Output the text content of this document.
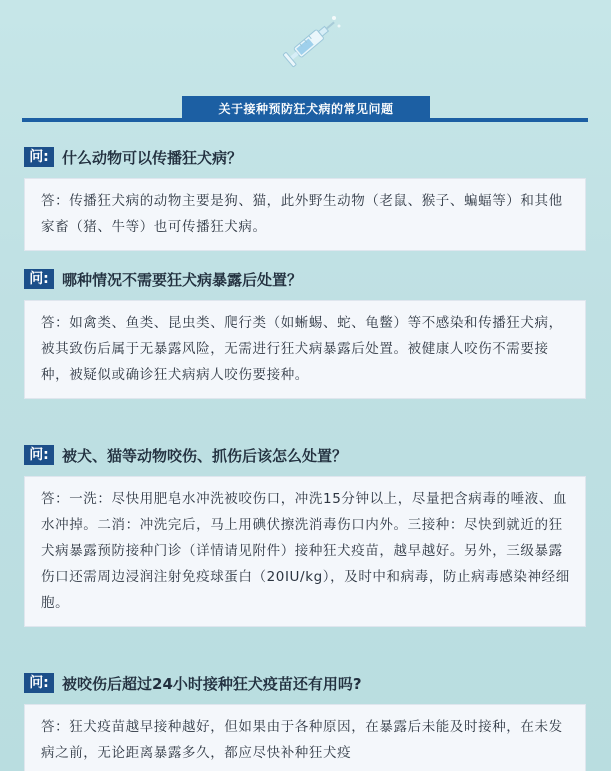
关于接种预防狂犬病的常见问题
问: 什么动物可以传播狂犬病？
答：传播狂犬病的动物主要是狗、猫，此外野生动物（老鼠、猴子、蝙蝠等）和其他家畜（猪、牛等）也可传播狂犬病。
问: 哪种情况不需要狂犬病暴露后处置？
答：如禽类、鱼类、昆虫类、爬行类（如蜥蜴、蛇、龟鳖）等不感染和传播狂犬病，被其致伤后属于无暴露风险，无需进行狂犬病暴露后处置。被健康人咬伤不需要接种，被疑似或确诊狂犬病病人咬伤要接种。
问: 被犬、猫等动物咬伤、抓伤后该怎么处置？
答：一洗：尽快用肥皂水冲洗被咬伤口，冲洗15分钟以上，尽量把含病毒的唾液、血水冲掉。二消：冲洗完后，马上用碘伏擦洗消毒伤口内外。三接种：尽快到就近的狂犬病暴露预防接种门诊（详情请见附件）接种狂犬疫苗，越早越好。另外，三级暴露伤口还需周边浸润注射免疫球蛋白（20IU/kg），及时中和病毒，防止病毒感染神经细胞。
问: 被咬伤后超过24小时接种狂犬疫苗还有用吗?
答：狂犬疫苗越早接种越好，但如果由于各种原因，在暴露后未能及时接种，在未发病之前，无论距离暴露多久，都应尽快补种狂犬疫
